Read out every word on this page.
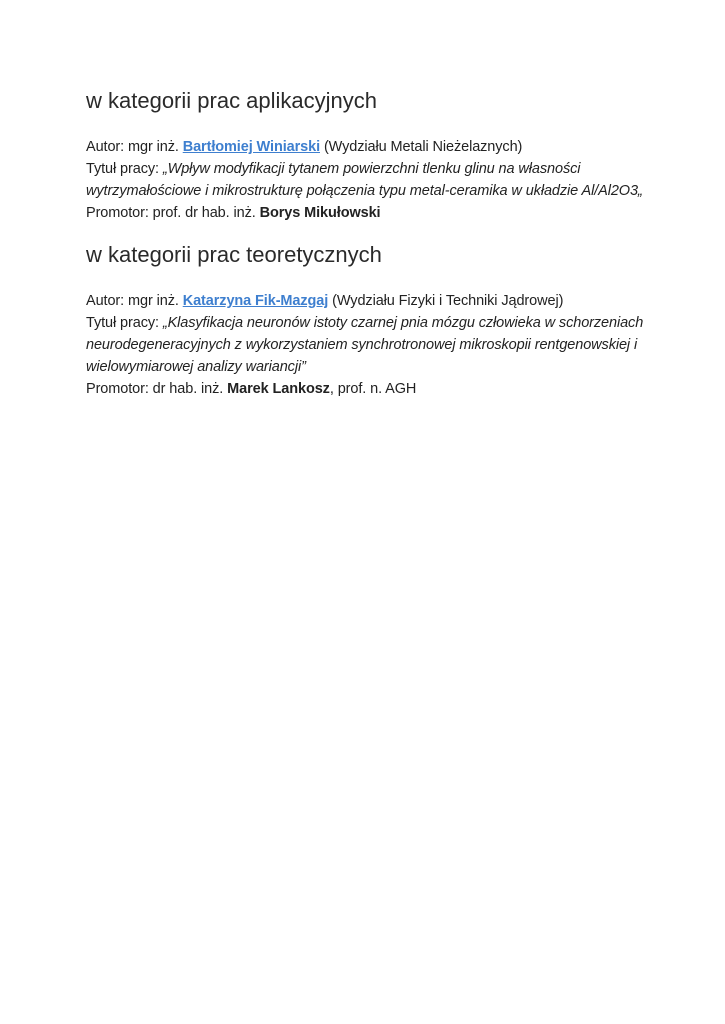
w kategorii prac aplikacyjnych

Autor: mgr inż. Bartłomiej Winiarski (Wydziału Metali Nieżelaznych)

Tytuł pracy: „Wpływ modyfikacji tytanem powierzchni tlenku glinu na własności wytrzymałościowe i mikrostrukturę połączenia typu metal-ceramika w układzie Al/Al2O3„

Promotor: prof. dr hab. inż. Borys Mikułowski

w kategorii prac teoretycznych

Autor: mgr inż. Katarzyna Fik-Mazgaj (Wydziału Fizyki i Techniki Jądrowej)

Tytuł pracy: „Klasyfikacja neuronów istoty czarnej pnia mózgu człowieka w schorzeniach neurodegeneracyjnych z wykorzystaniem synchrotronowej mikroskopii rentgenowskiej i wielowymiarowej analizy wariancji”

Promotor: dr hab. inż. Marek Lankosz, prof. n. AGH
